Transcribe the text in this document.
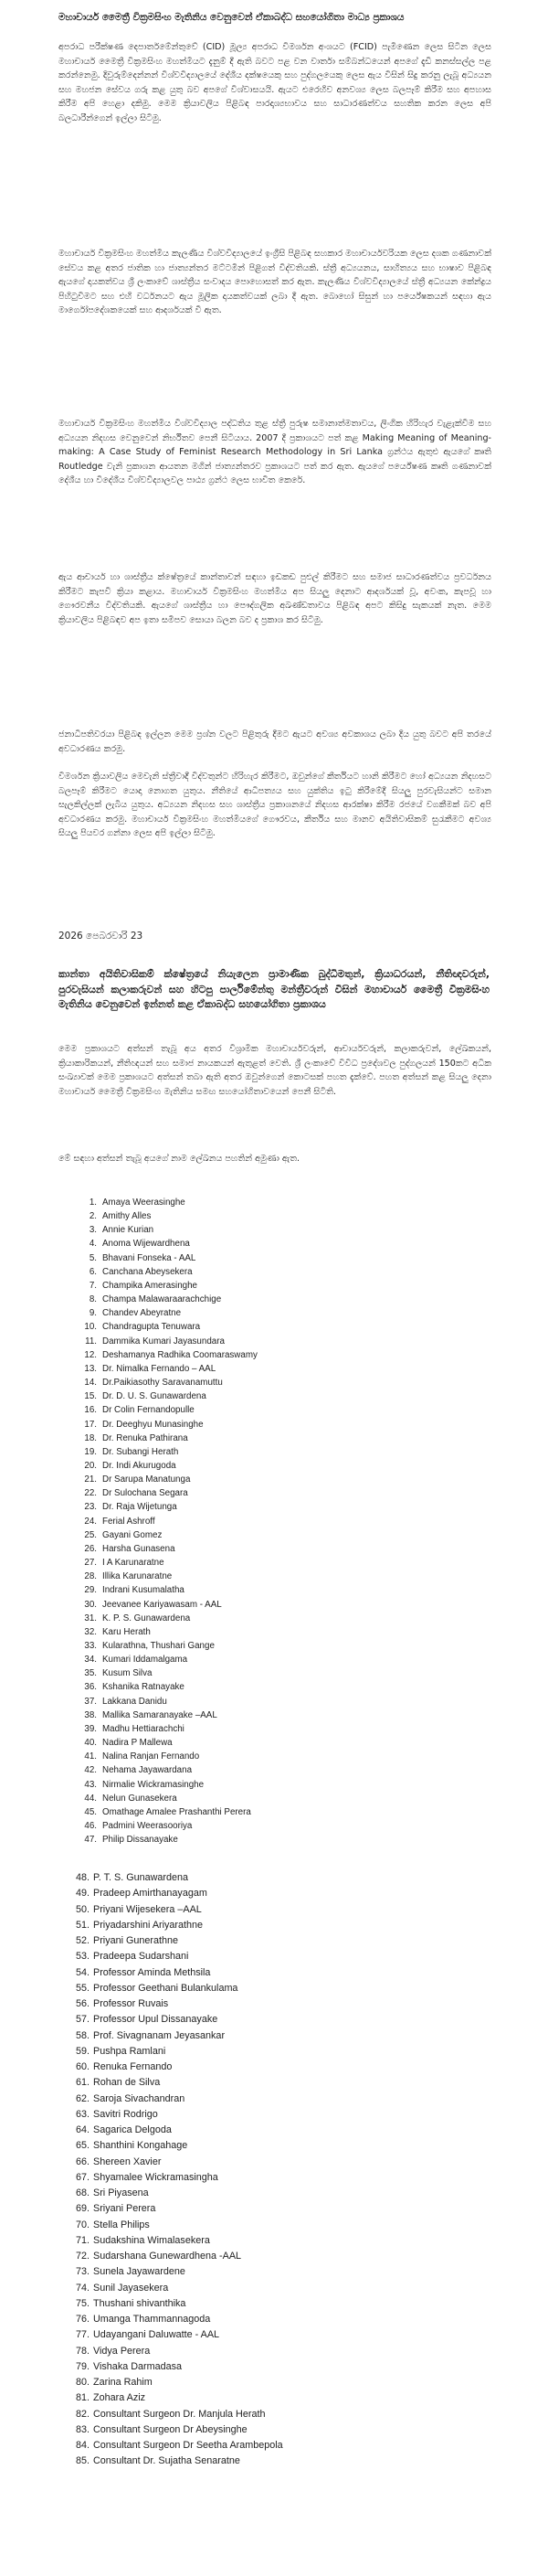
මහාචාර්ය මෛත්‍රී වික්‍රමසිංහ මැතිනිය වෙනුවෙන් ඒකාබද්ධ සහයෝගිතා මාධ්‍ය ප්‍රකාශය

අපරාධ පරීක්ෂණ දෙපාර්තමේන්තුවේ (CID) මූල්‍ය අපරාධ විමර්ශන අංශයට (FCID) පැමිණෙන ලෙස සිටින ලෙස මහාචාර්ය මෛත්‍රී වික්‍රමසිංහ මහත්මියට දැනුම් දී ඇති බවට පළ වන වාර්තා සම්බන්ධයෙන් අපගේ දැඩි කනස්සල්ල පළ කරන්නෙමු. දිවුරුම්දෙන්නන් විශ්වවිද්‍යාලයේ දේශීය දක්ෂයෙකු සහ පුද්ගලයෙකු ලෙස ඇය විසින් සිදු කරනු ලැබූ අධ්‍යයන සහ මහජන සේවය ගරු කළ යුතු බව අපගේ විශ්වාසයයි. ඇයට එරෙහිව අනවශ්‍ය ලෙස බලපෑම් කිරීම සහ අපහාස කිරීම අපි හෙළා දකිමු. මෙම ක්‍රියාවලිය පිළිබඳ පාරදෘශ්‍යභාවය සහ සාධාරණත්වය සහතික කරන ලෙස අපි බලධාරීන්ගෙන් ඉල්ලා සිටිමු.

මහාචාර්ය වික්‍රමසිංහ මහත්මිය කැලණිය විශ්වවිද්‍යාලයේ ඉංග්‍රීසි පිළිබඳ සහකාර මහාචාර්යවරියක ලෙස දශක ගණනාවක් සේවය කළ අතර ජාතික හා ජාත්‍යන්තර මට්ටමින් පිළිගත් විද්වතියකි. ස්ත්‍රී අධ්‍යයනය, සාහිත්‍යය සහ භාෂාව පිළිබඳ ඇයගේ දායකත්වය ශ්‍රී ලංකාවේ ශාස්ත්‍රීය සංවාදය පොහොසත් කර ඇත. කැලණිය විශ්වවිද්‍යාලයේ ස්ත්‍රී අධ්‍යයන කේන්ද්‍රය පිහිටුවීමට සහ එහි වර්ධනයට ඇය මූලික දායකත්වයක් ලබා දී ඇත. බොහෝ සිසුන් හා පර්යේෂකයන් සඳහා ඇය මාර්ගෝපදේශකයෙක් සහ ආදර්ශයක් වී ඇත.

මහාචාර්ය වික්‍රමසිංහ මහත්මිය විශ්වවිද්‍යාල පද්ධතිය තුළ ස්ත්‍රී පුරුෂ සමානාත්මතාවය, ලිංගික හිරිහැර වැළැක්වීම සහ අධ්‍යයන නිදහස වෙනුවෙන් නිර්භීතව පෙනී සිටියාය. 2007 දී ප්‍රකාශයට පත් කළ Making Meaning of Meaning-making: A Case Study of Feminist Research Methodology in Sri Lanka ග්‍රන්ථය ඇතුළු ඇයගේ කෘති Routledge වැනි ප්‍රකාශන ආයතන මගින් ජාත්‍යන්තරව ප්‍රකාශයට පත් කර ඇත. ඇයගේ පර්යේෂණ කෘති ගණනාවක් දේශීය හා විදේශීය විශ්වවිද්‍යාලවල පාඨ්‍ය ග්‍රන්ථ ලෙස භාවිත කෙරේ.

ඇය ආචාර්ය හා ශාස්ත්‍රීය ක්ෂේත්‍රයේ කාන්තාවන් සඳහා ඉඩකඩ පුළුල් කිරීමට සහ සමාජ සාධාරණත්වය ප්‍රවර්ධනය කිරීමට කැපවී ක්‍රියා කළාය. මහාචාර්ය වික්‍රමසිංහ මහත්මිය අප සියලු දෙනාට ආදර්ශයක් වූ, අවංක, කැපවූ හා ගෞරවනීය විද්වතියකි. ඇයගේ ශාස්ත්‍රීය හා පෞද්ගලික අඛණ්ඩතාවය පිළිබඳ අපට කිසිදු සැකයක් නැත. මෙම ක්‍රියාවලිය පිළිබඳව අප ඉතා සමීපව සොයා බලන බව ද ප්‍රකාශ කර සිටිමු.

ජනාධිපතිවරයා පිළිබඳ ඉල්ලන මෙම ප්‍රශ්න වලට පිළිතුරු දීමට ඇයට අවශ්‍ය අවකාශය ලබා දිය යුතු බවට අපි තරයේ අවධාරණය කරමු.

විමර්ශන ක්‍රියාවලිය මෙවැනි ස්ත්‍රීවාදී විද්වතුන්ට හිරිහැර කිරීමට, ඔවුන්ගේ කීර්තියට හානි කිරීමට හෝ අධ්‍යයන නිදහසට බලපෑම් කිරීමට යොදා නොගත යුතුය. නීතියේ ආධිපත්‍යය සහ යුක්තිය ඉටු කිරීමේදී සියලු පුරවැසියන්ට සමාන සැලකිල්ලක් ලැබිය යුතුය. අධ්‍යයන නිදහස සහ ශාස්ත්‍රීය ප්‍රකාශනයේ නිදහස ආරක්ෂා කිරීම රජයේ වගකීමක් බව අපි අවධාරණය කරමු. මහාචාර්ය වික්‍රමසිංහ මහත්මියගේ ගෞරවය, කීර්තිය සහ මානව අයිතිවාසිකම් සුරැකීමට අවශ්‍ය සියලු පියවර ගන්නා ලෙස අපි ඉල්ලා සිටිමු.

2026 පෙබරවාරි 23
කාන්තා අයිතිවාසිකම් ක්ෂේත්‍රයේ නියැලෙන ප්‍රාමාණික බුද්ධිමතුන්, ක්‍රියාධරයන්, නීතිඥවරුන්, පුරවැසියන් කලාකරුවන් සහ හිටපු පාර්ලිමේන්තු මන්ත්‍රීවරුන් විසින් මහාචාර්ය මෛත්‍රී වික්‍රමසිංහ මැතිනිය වෙනුවෙන් ඉන්නත් කළ ඒකාබද්ධ සහයෝගිතා ප්‍රකාශය

මෙම ප්‍රකාශයට අත්සන් තැබූ අය අතර විශ්‍රාමික මහාචාර්යවරුන්, ආචාර්යවරුන්, කලාකරුවන්, ලේඛකයන්, ක්‍රියාකාරිකයන්, නීතිඥයන් සහ සමාජ නායකයන් ඇතුළත් වෙති. ශ්‍රී ලංකාවේ විවිධ ප්‍රදේශවල පුද්ගලයන් 150කට අධික සංඛ්‍යාවක් මෙම ප්‍රකාශයට අත්සන් තබා ඇති අතර ඔවුන්ගෙන් කොටසක් පහත දැක්වේ. පහත අත්සන් කළ සියලු දෙනා මහාචාර්ය මෛත්‍රී වික්‍රමසිංහ මැතිනිය සමඟ සහයෝගිතාවයෙන් පෙනී සිටිති.

මේ සඳහා අත්සන් තැබූ අයගේ නාම ලේඛනය පහතින් අමුණා ඇත.

1. Amaya Weerasinghe
2. Amithy Alles
3. Annie Kurian
4. Anoma Wijewardhena
5. Bhavani Fonseka - AAL
6. Canchana Abeysekera
7. Champika Amerasinghe
8. Champa Malawaraarachchige
9. Chandev Abeyratne
10. Chandragupta Tenuwara
11. Dammika Kumari Jayasundara
12. Deshamanya Radhika Coomaraswamy
13. Dr. Nimalka Fernando – AAL
14. Dr.Paikiasothy Saravanamuttu
15. Dr. D. U. S. Gunawardena
16. Dr Colin Fernandopulle
17. Dr. Deeghyu Munasinghe
18. Dr. Renuka Pathirana
19. Dr. Subangi Herath
20. Dr. Indi Akurugoda
21. Dr Sarupa Manatunga
22. Dr Sulochana Segara
23. Dr. Raja Wijetunga
24. Ferial Ashroff
25. Gayani Gomez
26. Harsha Gunasena
27. I A Karunaratne
28. Illika Karunaratne
29. Indrani Kusumalatha
30. Jeevanee Kariyawasam - AAL
31. K. P. S. Gunawardena
32. Karu Herath
33. Kularathna, Thushari Gange
34. Kumari Iddamalgama
35. Kusum Silva
36. Kshanika Ratnayake
37. Lakkana Danidu
38. Mallika Samaranayake –AAL
39. Madhu Hettiarachchi
40. Nadira P Mallewa
41. Nalina Ranjan Fernando
42. Nehama Jayawardana
43. Nirmalie Wickramasinghe
44. Nelun Gunasekera
45. Omathage Amalee Prashanthi Perera
46. Padmini Weerasooriya
47. Philip Dissanayake
48. P. T. S. Gunawardena
49. Pradeep Amirthanayagam
50. Priyani Wijesekera –AAL
51. Priyadarshini Ariyarathne
52. Priyani Gunerathne
53. Pradeepa Sudarshani
54. Professor Aminda Methsila
55. Professor Geethani Bulankulama
56. Professor Ruvais
57. Professor Upul Dissanayake
58. Prof. Sivagnanam Jeyasankar
59. Pushpa Ramlani
60. Renuka Fernando
61. Rohan de Silva
62. Saroja Sivachandran
63. Savitri Rodrigo
64. Sagarica Delgoda
65. Shanthini Kongahage
66. Shereen Xavier
67. Shyamalee Wickramasingha
68. Sri Piyasena
69. Sriyani Perera
70. Stella Philips
71. Sudakshina Wimalasekera
72. Sudarshana Gunewardhena -AAL
73. Sunela Jayawardene
74. Sunil Jayasekera
75. Thushani shivanthika
76. Umanga Thammannagoda
77. Udayangani Daluwatte - AAL
78. Vidya Perera
79. Vishaka Darmadasa
80. Zarina Rahim
81. Zohara Aziz
82. Consultant Surgeon Dr. Manjula Herath
83. Consultant Surgeon Dr Abeysinghe
84. Consultant Surgeon Dr Seetha Arambepola
85. Consultant Dr. Sujatha Senaratne
